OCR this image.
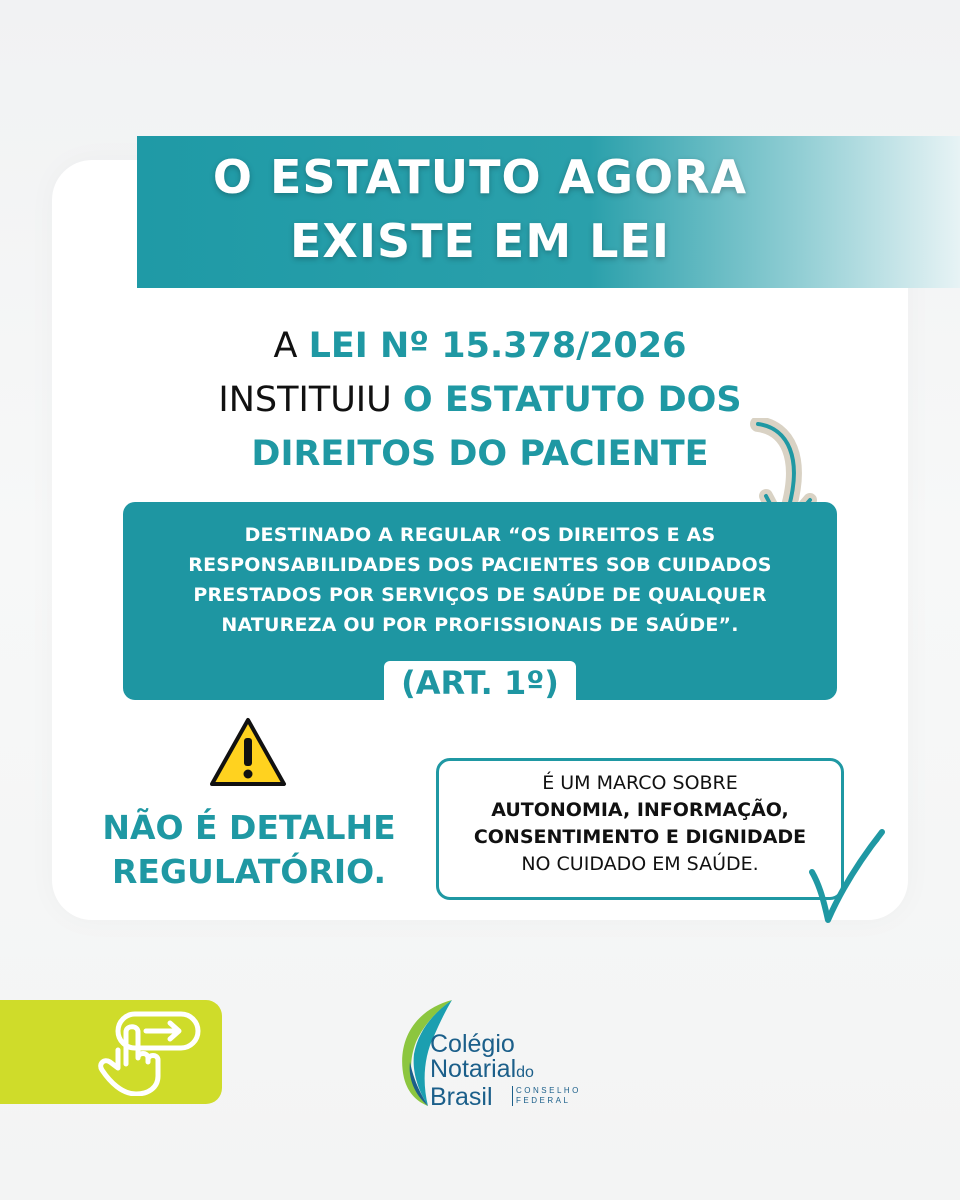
O ESTATUTO AGORA
EXISTE EM LEI
A LEI Nº 15.378/2026
INSTITUIU O ESTATUTO DOS
DIREITOS DO PACIENTE
DESTINADO A REGULAR “OS DIREITOS E AS
RESPONSABILIDADES DOS PACIENTES SOB CUIDADOS
PRESTADOS POR SERVIÇOS DE SAÚDE DE QUALQUER
NATUREZA OU POR PROFISSIONAIS DE SAÚDE”.
(ART. 1º)
NÃO É DETALHE
REGULATÓRIO.
É UM MARCO SOBRE
AUTONOMIA, INFORMAÇÃO,
CONSENTIMENTO E DIGNIDADE
NO CUIDADO EM SAÚDE.
Colégio
Notarialdo
Brasil	CONSELHO
FEDERAL
